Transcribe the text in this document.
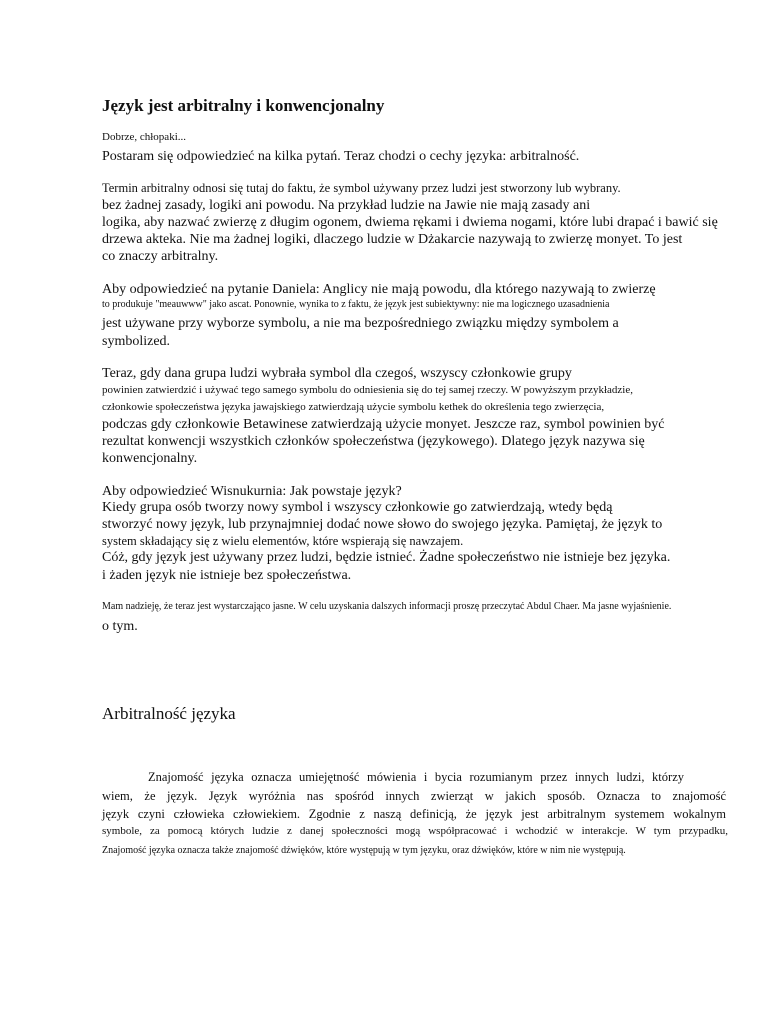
Język jest arbitralny i konwencjonalny
Dobrze, chłopaki...
Postaram się odpowiedzieć na kilka pytań. Teraz chodzi o cechy języka: arbitralność.
Termin arbitralny odnosi się tutaj do faktu, że symbol używany przez ludzi jest stworzony lub wybrany.
bez żadnej zasady, logiki ani powodu. Na przykład ludzie na Jawie nie mają zasady ani
logika, aby nazwać zwierzę z długim ogonem, dwiema rękami i dwiema nogami, które lubi drapać i bawić się
drzewa akteka. Nie ma żadnej logiki, dlaczego ludzie w Dżakarcie nazywają to zwierzę monyet. To jest
co znaczy arbitralny.
Aby odpowiedzieć na pytanie Daniela: Anglicy nie mają powodu, dla którego nazywają to zwierzę
to produkuje "meauwww" jako ascat. Ponownie, wynika to z faktu, że język jest subiektywny: nie ma logicznego uzasadnienia
jest używane przy wyborze symbolu, a nie ma bezpośredniego związku między symbolem a
symbolized.
Teraz, gdy dana grupa ludzi wybrała symbol dla czegoś, wszyscy członkowie grupy
powinien zatwierdzić i używać tego samego symbolu do odniesienia się do tej samej rzeczy. W powyższym przykładzie,
członkowie społeczeństwa języka jawajskiego zatwierdzają użycie symbolu kethek do określenia tego zwierzęcia,
podczas gdy członkowie Betawinese zatwierdzają użycie monyet. Jeszcze raz, symbol powinien być
rezultat konwencji wszystkich członków społeczeństwa (językowego). Dlatego język nazywa się
konwencjonalny.
Aby odpowiedzieć Wisnukurnia: Jak powstaje język?
Kiedy grupa osób tworzy nowy symbol i wszyscy członkowie go zatwierdzają, wtedy będą
stworzyć nowy język, lub przynajmniej dodać nowe słowo do swojego języka. Pamiętaj, że język to
system składający się z wielu elementów, które wspierają się nawzajem.
Cóż, gdy język jest używany przez ludzi, będzie istnieć. Żadne społeczeństwo nie istnieje bez języka.
i żaden język nie istnieje bez społeczeństwa.
Mam nadzieję, że teraz jest wystarczająco jasne. W celu uzyskania dalszych informacji proszę przeczytać Abdul Chaer. Ma jasne wyjaśnienie.
o tym.
Arbitralność języka
Znajomość języka oznacza umiejętność mówienia i bycia rozumianym przez innych ludzi, którzy
wiem, że język. Język wyróżnia nas spośród innych zwierząt w jakich sposób. Oznacza to znajomość
język czyni człowieka człowiekiem. Zgodnie z naszą definicją, że język jest arbitralnym systemem wokalnym
symbole, za pomocą których ludzie z danej społeczności mogą współpracować i wchodzić w interakcje. W tym przypadku,
Znajomość języka oznacza także znajomość dźwięków, które występują w tym języku, oraz dźwięków, które w nim nie występują.
